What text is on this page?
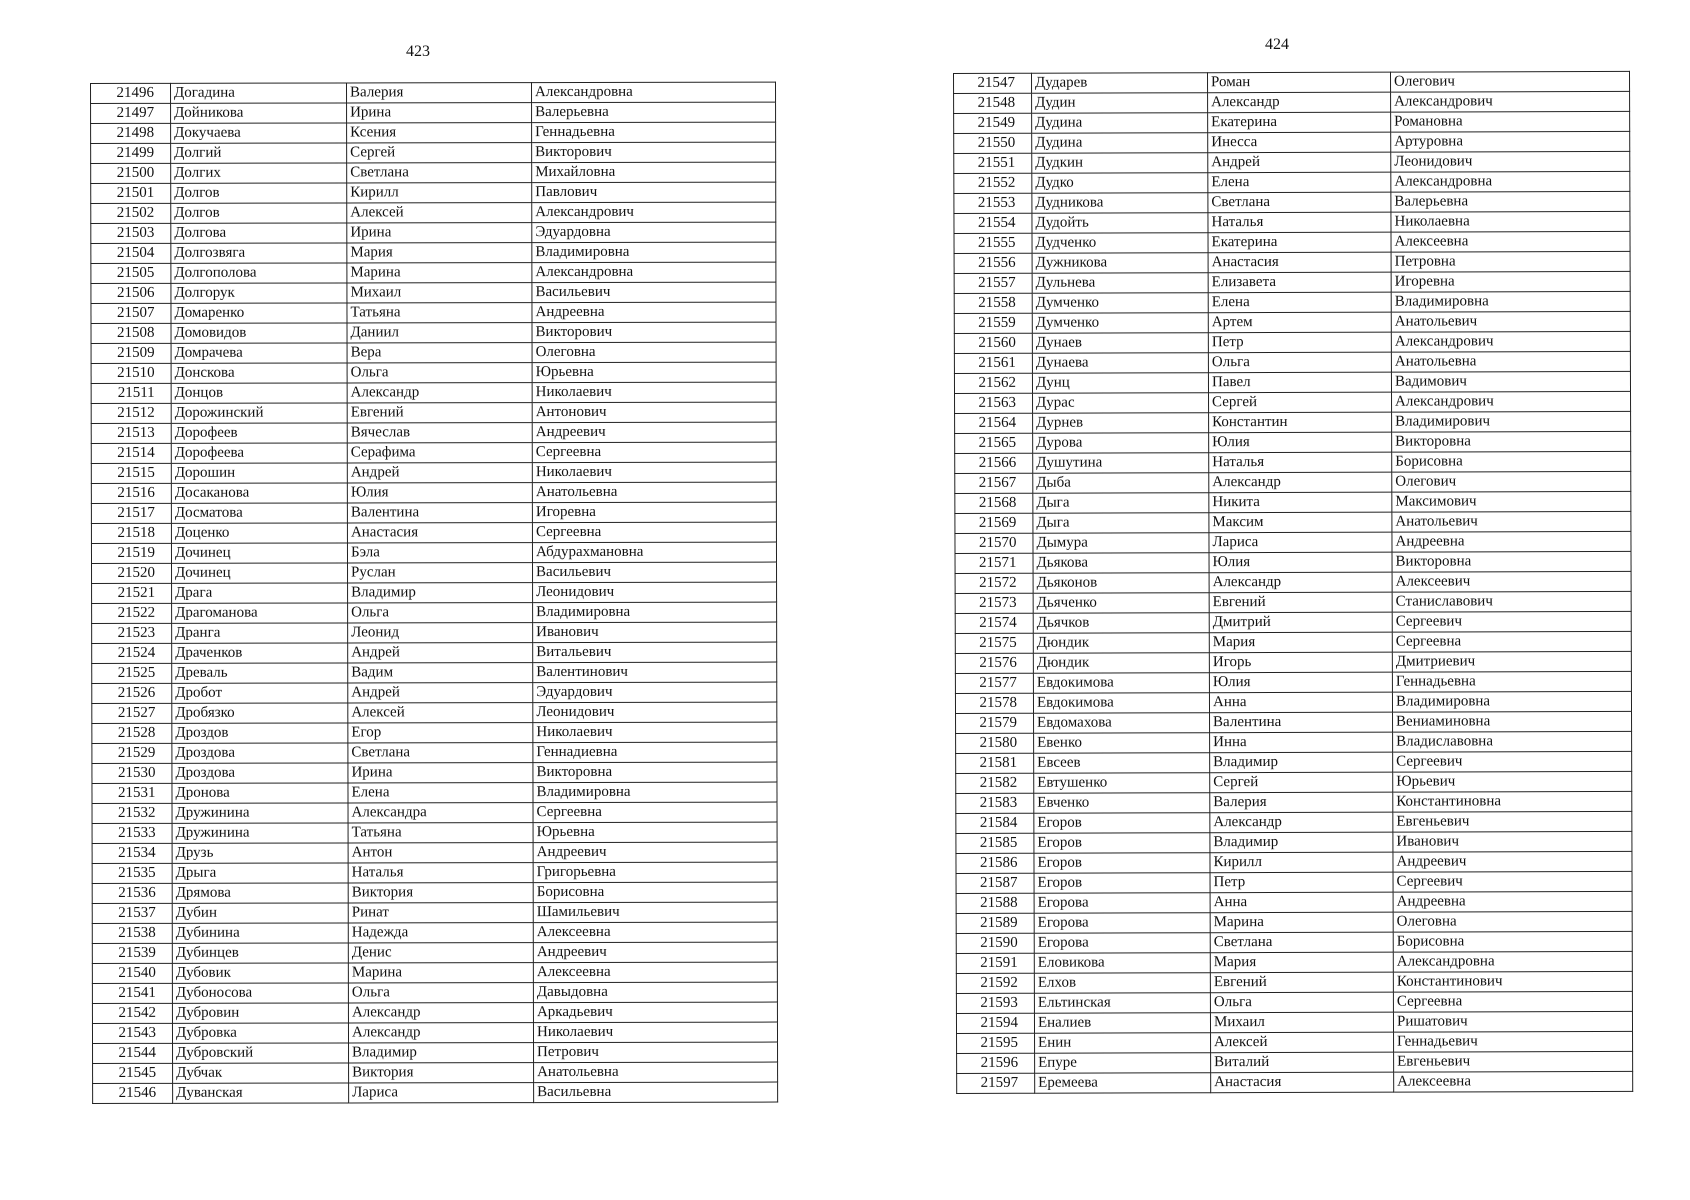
423	424
21496	Догадина	Валерия	Александровна
21497	Дойникова	Ирина	Валерьевна
21498	Докучаева	Ксения	Геннадьевна
21499	Долгий	Сергей	Викторович
21500	Долгих	Светлана	Михайловна
21501	Долгов	Кирилл	Павлович
21502	Долгов	Алексей	Александрович
21503	Долгова	Ирина	Эдуардовна
21504	Долгозвяга	Мария	Владимировна
21505	Долгополова	Марина	Александровна
21506	Долгорук	Михаил	Васильевич
21507	Домаренко	Татьяна	Андреевна
21508	Домовидов	Даниил	Викторович
21509	Домрачева	Вера	Олеговна
21510	Донскова	Ольга	Юрьевна
21511	Донцов	Александр	Николаевич
21512	Дорожинский	Евгений	Антонович
21513	Дорофеев	Вячеслав	Андреевич
21514	Дорофеева	Серафима	Сергеевна
21515	Дорошин	Андрей	Николаевич
21516	Досаканова	Юлия	Анатольевна
21517	Досматова	Валентина	Игоревна
21518	Доценко	Анастасия	Сергеевна
21519	Дочинец	Бэла	Абдурахмановна
21520	Дочинец	Руслан	Васильевич
21521	Драга	Владимир	Леонидович
21522	Драгоманова	Ольга	Владимировна
21523	Дранга	Леонид	Иванович
21524	Драченков	Андрей	Витальевич
21525	Древаль	Вадим	Валентинович
21526	Дробот	Андрей	Эдуардович
21527	Дробязко	Алексей	Леонидович
21528	Дроздов	Егор	Николаевич
21529	Дроздова	Светлана	Геннадиевна
21530	Дроздова	Ирина	Викторовна
21531	Дронова	Елена	Владимировна
21532	Дружинина	Александра	Сергеевна
21533	Дружинина	Татьяна	Юрьевна
21534	Друзь	Антон	Андреевич
21535	Дрыга	Наталья	Григорьевна
21536	Дрямова	Виктория	Борисовна
21537	Дубин	Ринат	Шамильевич
21538	Дубинина	Надежда	Алексеевна
21539	Дубинцев	Денис	Андреевич
21540	Дубовик	Марина	Алексеевна
21541	Дубоносова	Ольга	Давыдовна
21542	Дубровин	Александр	Аркадьевич
21543	Дубровка	Александр	Николаевич
21544	Дубровский	Владимир	Петрович
21545	Дубчак	Виктория	Анатольевна
21546	Дуванская	Лариса	Васильевна
21547	Дударев	Роман	Олегович
21548	Дудин	Александр	Александрович
21549	Дудина	Екатерина	Романовна
21550	Дудина	Инесса	Артуровна
21551	Дудкин	Андрей	Леонидович
21552	Дудко	Елена	Александровна
21553	Дудникова	Светлана	Валерьевна
21554	Дудойть	Наталья	Николаевна
21555	Дудченко	Екатерина	Алексеевна
21556	Дужникова	Анастасия	Петровна
21557	Дульнева	Елизавета	Игоревна
21558	Думченко	Елена	Владимировна
21559	Думченко	Артем	Анатольевич
21560	Дунаев	Петр	Александрович
21561	Дунаева	Ольга	Анатольевна
21562	Дунц	Павел	Вадимович
21563	Дурас	Сергей	Александрович
21564	Дурнев	Константин	Владимирович
21565	Дурова	Юлия	Викторовна
21566	Душутина	Наталья	Борисовна
21567	Дыба	Александр	Олегович
21568	Дыга	Никита	Максимович
21569	Дыга	Максим	Анатольевич
21570	Дымура	Лариса	Андреевна
21571	Дьякова	Юлия	Викторовна
21572	Дьяконов	Александр	Алексеевич
21573	Дьяченко	Евгений	Станиславович
21574	Дьячков	Дмитрий	Сергеевич
21575	Дюндик	Мария	Сергеевна
21576	Дюндик	Игорь	Дмитриевич
21577	Евдокимова	Юлия	Геннадьевна
21578	Евдокимова	Анна	Владимировна
21579	Евдомахова	Валентина	Вениаминовна
21580	Евенко	Инна	Владиславовна
21581	Евсеев	Владимир	Сергеевич
21582	Евтушенко	Сергей	Юрьевич
21583	Евченко	Валерия	Константиновна
21584	Егоров	Александр	Евгеньевич
21585	Егоров	Владимир	Иванович
21586	Егоров	Кирилл	Андреевич
21587	Егоров	Петр	Сергеевич
21588	Егорова	Анна	Андреевна
21589	Егорова	Марина	Олеговна
21590	Егорова	Светлана	Борисовна
21591	Еловикова	Мария	Александровна
21592	Елхов	Евгений	Константинович
21593	Ельтинская	Ольга	Сергеевна
21594	Еналиев	Михаил	Ришатович
21595	Енин	Алексей	Геннадьевич
21596	Епуре	Виталий	Евгеньевич
21597	Еремеева	Анастасия	Алексеевна
